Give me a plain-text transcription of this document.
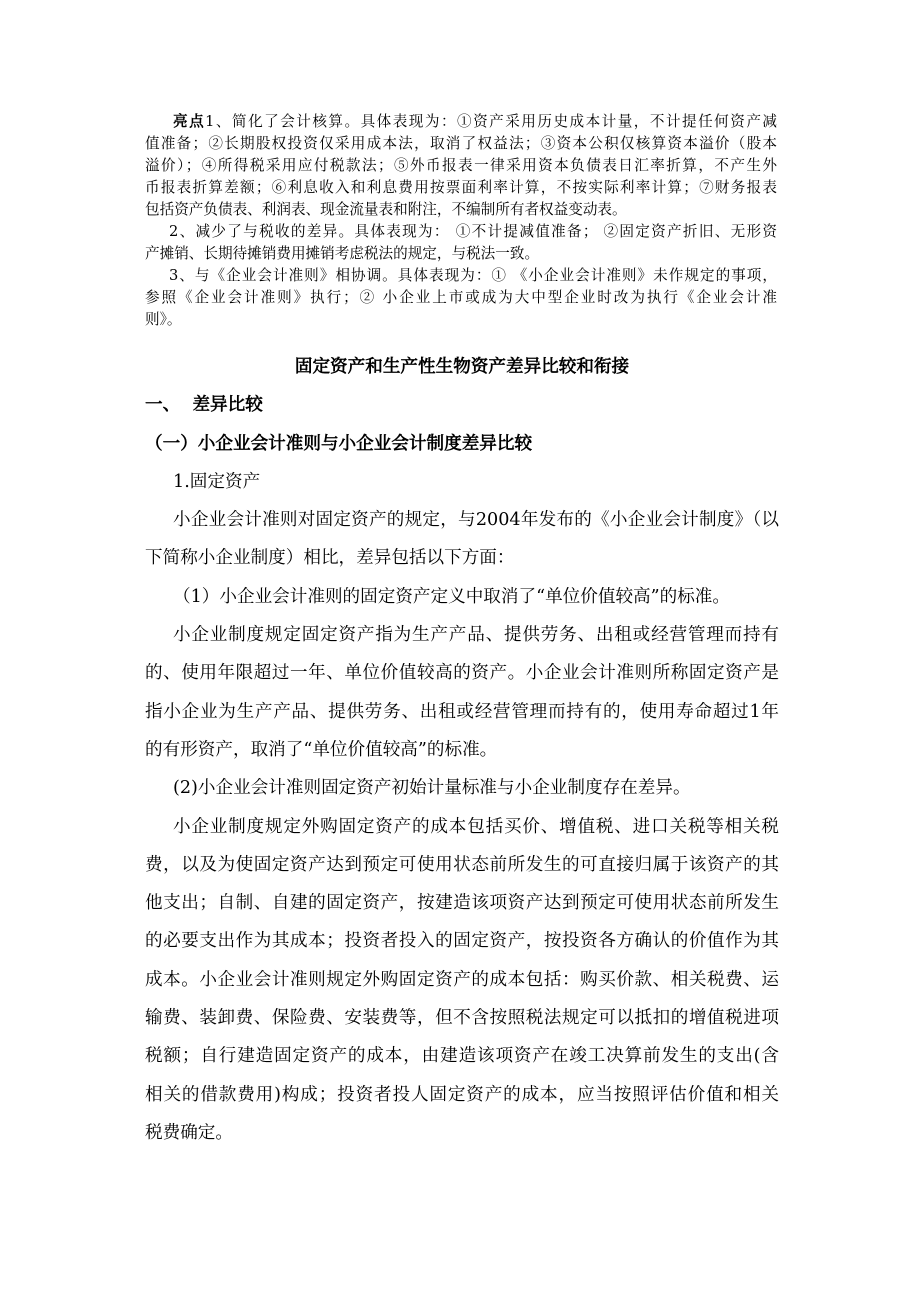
亮点1、简化了会计核算。具体表现为：①资产采用历史成本计量，不计提任何资产减
值准备；②长期股权投资仅采用成本法，取消了权益法；③资本公积仅核算资本溢价（股本
溢价）；④所得税采用应付税款法；⑤外币报表一律采用资本负债表日汇率折算，不产生外
币报表折算差额；⑥利息收入和利息费用按票面利率计算，不按实际利率计算；⑦财务报表
包括资产负债表、利润表、现金流量表和附注，不编制所有者权益变动表。
2、减少了与税收的差异。具体表现为： ①不计提减值准备； ②固定资产折旧、无形资
产摊销、长期待摊销费用摊销考虑税法的规定，与税法一致。
3、与《企业会计准则》相协调。具体表现为：① 《小企业会计准则》未作规定的事项，
参照《企业会计准则》执行；② 小企业上市或成为大中型企业时改为执行《企业会计准
则》。
固定资产和生产性生物资产差异比较和衔接
一、  差异比较
（一）小企业会计准则与小企业会计制度差异比较
1.固定资产
小企业会计准则对固定资产的规定，与2004年发布的《小企业会计制度》（以
下简称小企业制度）相比，差异包括以下方面：
（1）小企业会计准则的固定资产定义中取消了“单位价值较高”的标准。
小企业制度规定固定资产指为生产产品、提供劳务、出租或经营管理而持有
的、使用年限超过一年、单位价值较高的资产。小企业会计准则所称固定资产是
指小企业为生产产品、提供劳务、出租或经营管理而持有的，使用寿命超过1年
的有形资产，取消了“单位价值较高”的标准。
(2)小企业会计准则固定资产初始计量标准与小企业制度存在差异。
小企业制度规定外购固定资产的成本包括买价、增值税、进口关税等相关税
费，以及为使固定资产达到预定可使用状态前所发生的可直接归属于该资产的其
他支出；自制、自建的固定资产，按建造该项资产达到预定可使用状态前所发生
的必要支出作为其成本；投资者投入的固定资产，按投资各方确认的价值作为其
成本。小企业会计准则规定外购固定资产的成本包括：购买价款、相关税费、运
输费、装卸费、保险费、安装费等，但不含按照税法规定可以抵扣的增值税进项
税额；自行建造固定资产的成本，由建造该项资产在竣工决算前发生的支出(含
相关的借款费用)构成；投资者投人固定资产的成本，应当按照评估价值和相关
税费确定。
